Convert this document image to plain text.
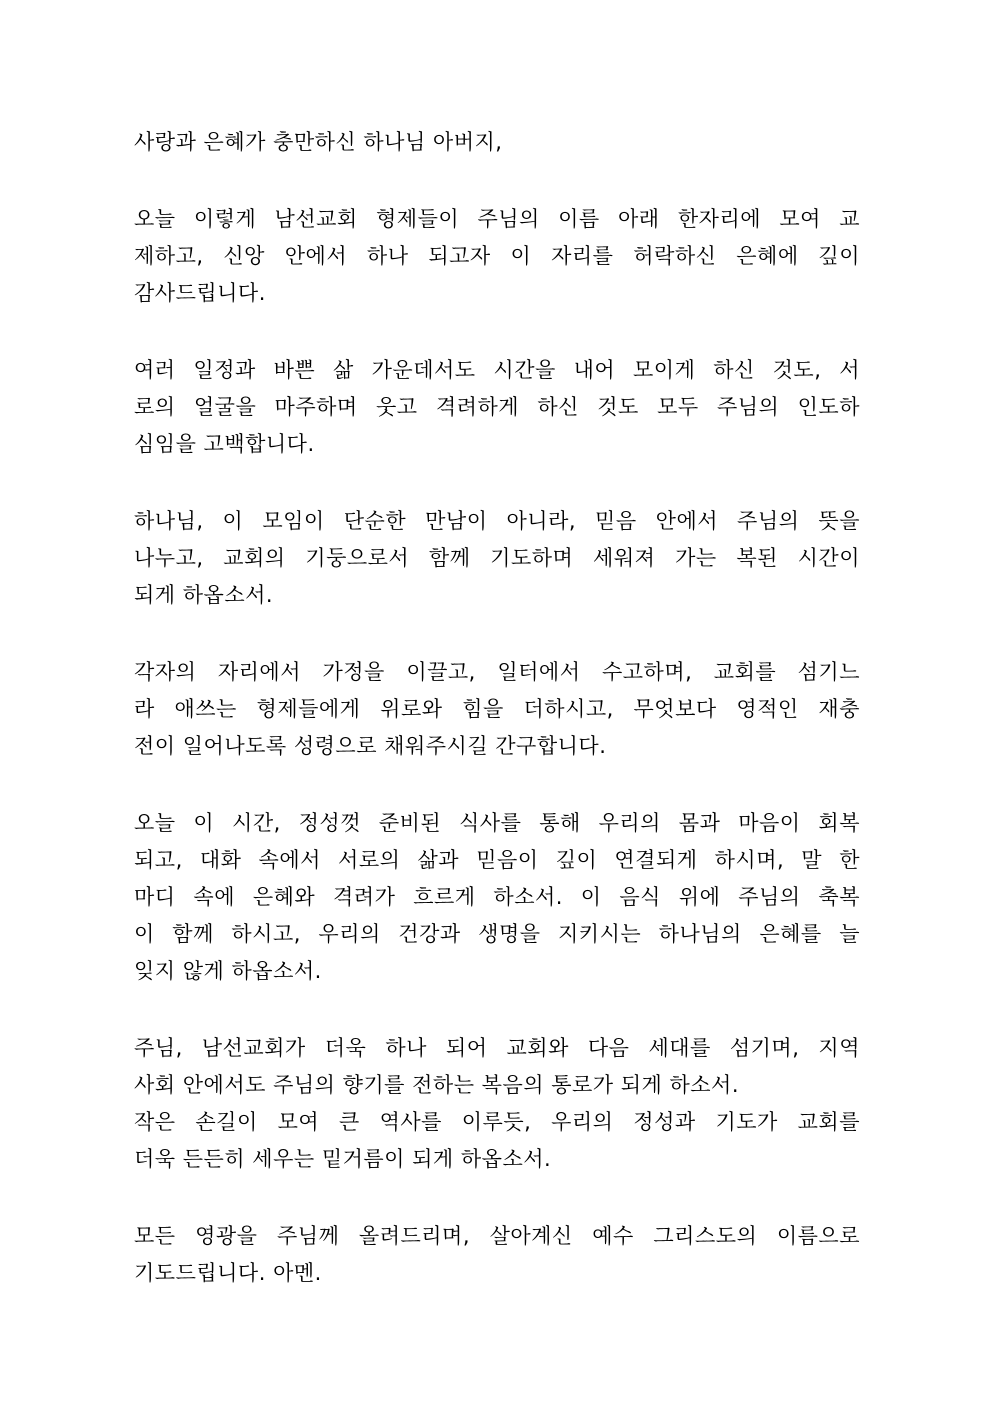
사랑과 은혜가 충만하신 하나님 아버지,
오늘 이렇게 남선교회 형제들이 주님의 이름 아래 한자리에 모여 교
제하고, 신앙 안에서 하나 되고자 이 자리를 허락하신 은혜에 깊이
감사드립니다.
여러 일정과 바쁜 삶 가운데서도 시간을 내어 모이게 하신 것도, 서
로의 얼굴을 마주하며 웃고 격려하게 하신 것도 모두 주님의 인도하
심임을 고백합니다.
하나님, 이 모임이 단순한 만남이 아니라, 믿음 안에서 주님의 뜻을
나누고, 교회의 기둥으로서 함께 기도하며 세워져 가는 복된 시간이
되게 하옵소서.
각자의 자리에서 가정을 이끌고, 일터에서 수고하며, 교회를 섬기느
라 애쓰는 형제들에게 위로와 힘을 더하시고, 무엇보다 영적인 재충
전이 일어나도록 성령으로 채워주시길 간구합니다.
오늘 이 시간, 정성껏 준비된 식사를 통해 우리의 몸과 마음이 회복
되고, 대화 속에서 서로의 삶과 믿음이 깊이 연결되게 하시며, 말 한
마디 속에 은혜와 격려가 흐르게 하소서. 이 음식 위에 주님의 축복
이 함께 하시고, 우리의 건강과 생명을 지키시는 하나님의 은혜를 늘
잊지 않게 하옵소서.
주님, 남선교회가 더욱 하나 되어 교회와 다음 세대를 섬기며, 지역
사회 안에서도 주님의 향기를 전하는 복음의 통로가 되게 하소서.
작은 손길이 모여 큰 역사를 이루듯, 우리의 정성과 기도가 교회를
더욱 든든히 세우는 밑거름이 되게 하옵소서.
모든 영광을 주님께 올려드리며, 살아계신 예수 그리스도의 이름으로
기도드립니다. 아멘.
